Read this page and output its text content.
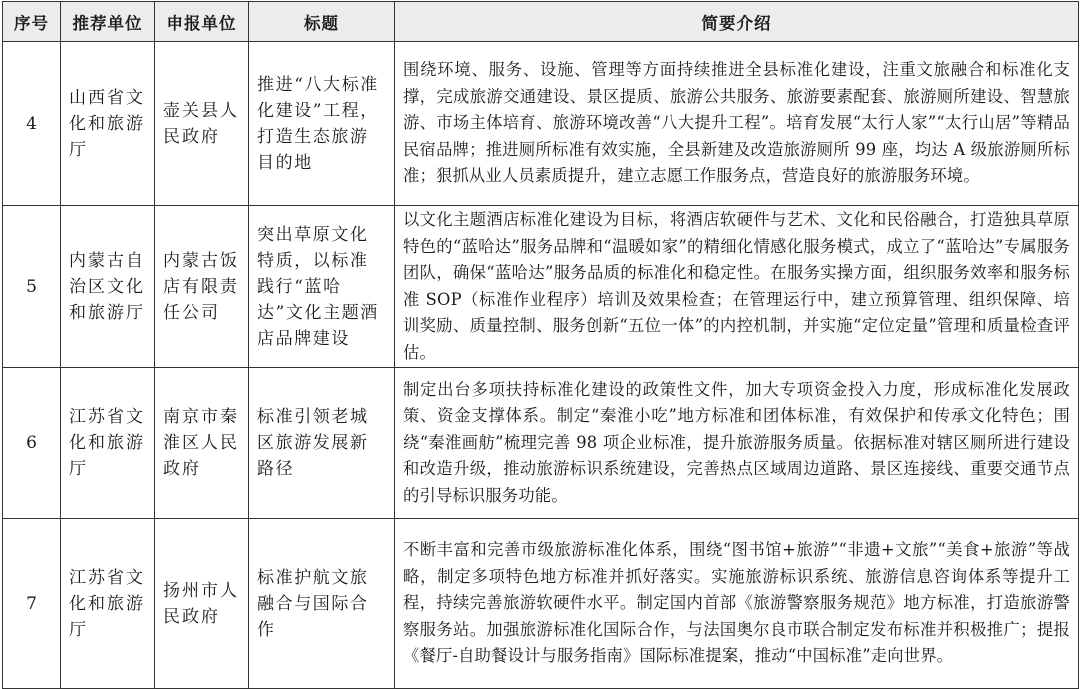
序号	推荐单位	申报单位	标题	简要介绍
4	山西省文化和旅游厅	壶关县人民政府	推进“八大标准化建设”工程，打造生态旅游目的地	围绕环境、服务、设施、管理等方面持续推进全县标准化建设，注重文旅融合和标准化支撑，完成旅游交通建设、景区提质、旅游公共服务、旅游要素配套、旅游厕所建设、智慧旅游、市场主体培育、旅游环境改善“八大提升工程”。培育发展“太行人家”“太行山居”等精品民宿品牌；推进厕所标准有效实施，全县新建及改造旅游厕所 99 座，均达 A 级旅游厕所标准；狠抓从业人员素质提升，建立志愿工作服务点，营造良好的旅游服务环境。
5	内蒙古自治区文化和旅游厅	内蒙古饭店有限责任公司	突出草原文化特质，以标准践行“蓝哈达”文化主题酒店品牌建设	以文化主题酒店标准化建设为目标，将酒店软硬件与艺术、文化和民俗融合，打造独具草原特色的“蓝哈达”服务品牌和“温暖如家”的精细化情感化服务模式，成立了“蓝哈达”专属服务团队，确保“蓝哈达”服务品质的标准化和稳定性。在服务实操方面，组织服务效率和服务标准 SOP（标准作业程序）培训及效果检查；在管理运行中，建立预算管理、组织保障、培训奖励、质量控制、服务创新“五位一体”的内控机制，并实施“定位定量”管理和质量检查评估。
6	江苏省文化和旅游厅	南京市秦淮区人民政府	标准引领老城区旅游发展新路径	制定出台多项扶持标准化建设的政策性文件，加大专项资金投入力度，形成标准化发展政策、资金支撑体系。制定“秦淮小吃”地方标准和团体标准，有效保护和传承文化特色；围绕“秦淮画舫”梳理完善 98 项企业标准，提升旅游服务质量。依据标准对辖区厕所进行建设和改造升级，推动旅游标识系统建设，完善热点区域周边道路、景区连接线、重要交通节点的引导标识服务功能。
7	江苏省文化和旅游厅	扬州市人民政府	标准护航文旅融合与国际合作	不断丰富和完善市级旅游标准化体系，围绕“图书馆+旅游”“非遗+文旅”“美食+旅游”等战略，制定多项特色地方标准并抓好落实。实施旅游标识系统、旅游信息咨询体系等提升工程，持续完善旅游软硬件水平。制定国内首部《旅游警察服务规范》地方标准，打造旅游警察服务站。加强旅游标准化国际合作，与法国奥尔良市联合制定发布标准并积极推广；提报《餐厅-自助餐设计与服务指南》国际标准提案，推动“中国标准”走向世界。
